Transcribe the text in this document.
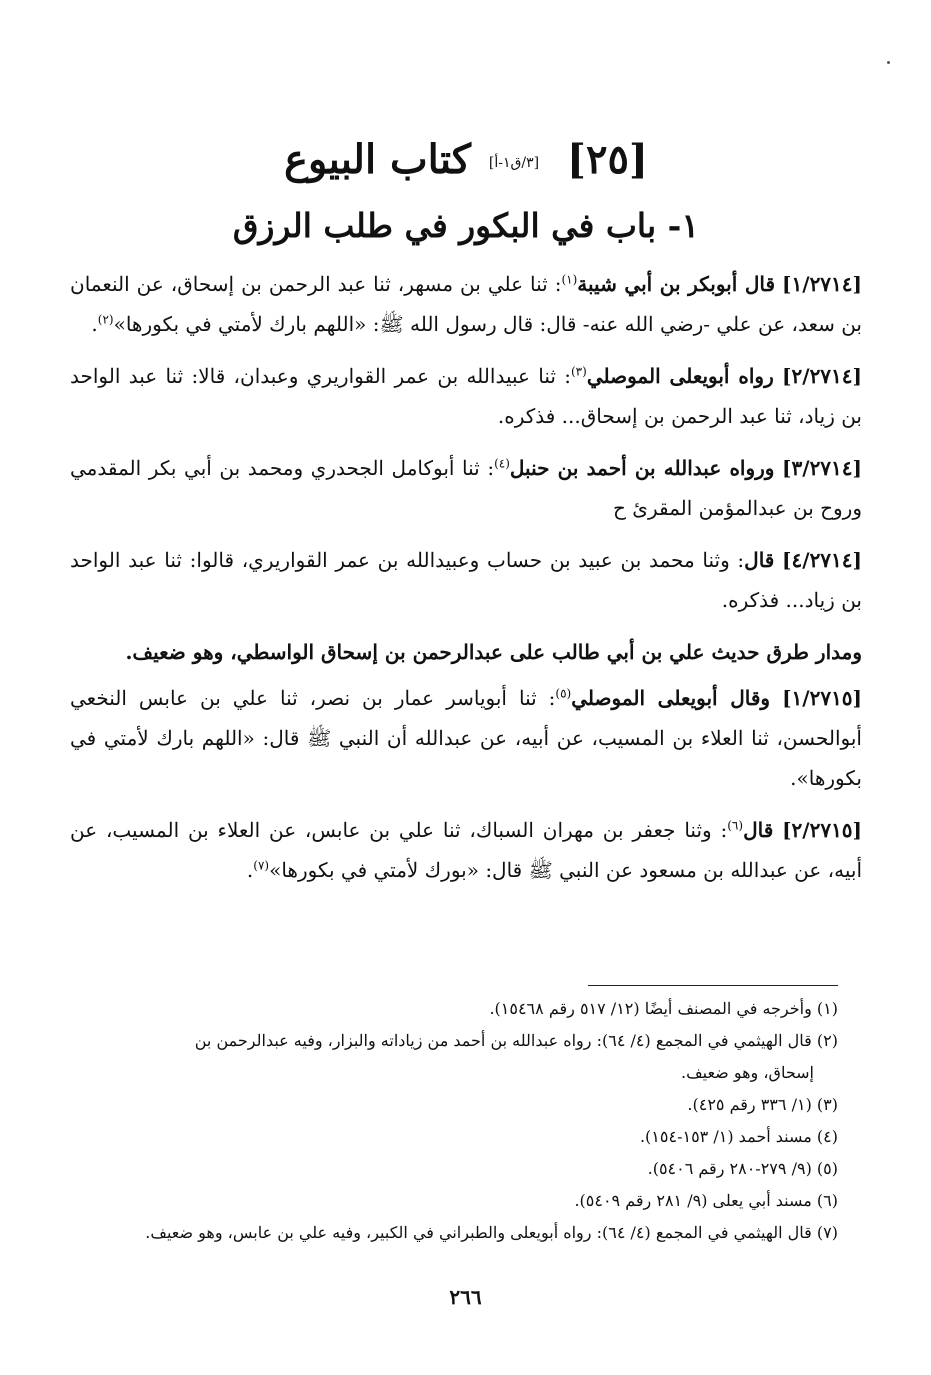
[٢٥] [٣/ق١-أ] كتاب البيوع
١- باب في البكور في طلب الرزق

[١/٢٧١٤] قال أبوبكر بن أبي شيبة$^{(١)}$: ثنا علي بن مسهر، ثنا عبد الرحمن بن إسحاق، عن النعمان بن سعد، عن علي -رضي الله عنه- قال: قال رسول الله ﷺ: «اللهم بارك لأمتي في بكورها»$^{(٢)}$.

[٢/٢٧١٤] رواه أبويعلى الموصلي$^{(٣)}$: ثنا عبيدالله بن عمر القواريري وعبدان، قالا: ثنا عبد الواحد بن زياد، ثنا عبد الرحمن بن إسحاق... فذكره.

[٣/٢٧١٤] ورواه عبدالله بن أحمد بن حنبل$^{(٤)}$: ثنا أبوكامل الجحدري ومحمد بن أبي بكر المقدمي وروح بن عبدالمؤمن المقرئ ح

[٤/٢٧١٤] قال: وثنا محمد بن عبيد بن حساب وعبيدالله بن عمر القواريري، قالوا: ثنا عبد الواحد بن زياد... فذكره.

ومدار طرق حديث علي بن أبي طالب على عبدالرحمن بن إسحاق الواسطي، وهو ضعيف.

[١/٢٧١٥] وقال أبويعلى الموصلي$^{(٥)}$: ثنا أبوياسر عمار بن نصر، ثنا علي بن عابس النخعي أبوالحسن، ثنا العلاء بن المسيب، عن أبيه، عن عبدالله أن النبي ﷺ قال: «اللهم بارك لأمتي في بكورها».

[٢/٢٧١٥] قال$^{(٦)}$: وثنا جعفر بن مهران السباك، ثنا علي بن عابس، عن العلاء بن المسيب، عن أبيه، عن عبدالله بن مسعود عن النبي ﷺ قال: «بورك لأمتي في بكورها»$^{(٧)}$.

(١) وأخرجه في المصنف أيضًا (١٢/ ٥١٧ رقم ١٥٤٦٨).

(٢) قال الهيثمي في المجمع (٤/ ٦٤): رواه عبدالله بن أحمد من زياداته والبزار، وفيه عبدالرحمن بن
إسحاق، وهو ضعيف.

(٣) (١/ ٣٣٦ رقم ٤٢٥).

(٤) مسند أحمد (١/ ١٥٣-١٥٤).

(٥) (٩/ ٢٧٩-٢٨٠ رقم ٥٤٠٦).

(٦) مسند أبي يعلى (٩/ ٢٨١ رقم ٥٤٠٩).

(٧) قال الهيثمي في المجمع (٤/ ٦٤): رواه أبويعلى والطبراني في الكبير، وفيه علي بن عابس، وهو ضعيف.

٢٦٦
